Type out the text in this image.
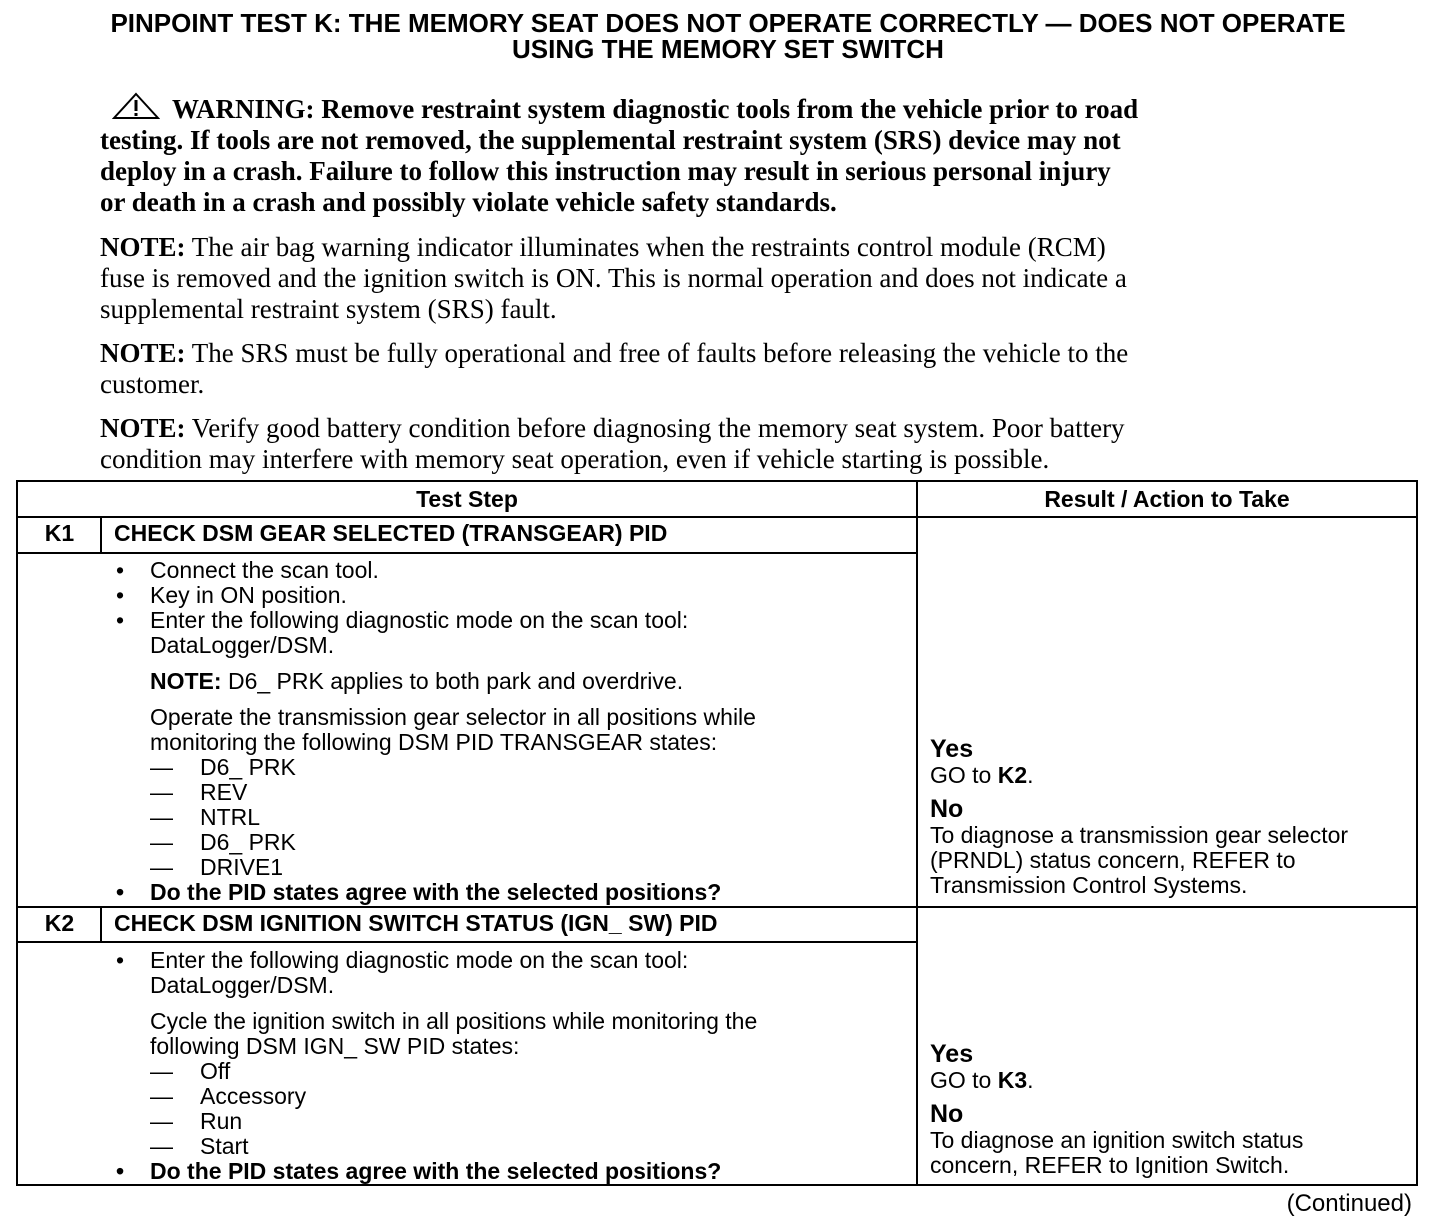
PINPOINT TEST K: THE MEMORY SEAT DOES NOT OPERATE CORRECTLY — DOES NOT OPERATE
USING THE MEMORY SET SWITCH
WARNING: Remove restraint system diagnostic tools from the vehicle prior to road
testing. If tools are not removed, the supplemental restraint system (SRS) device may not
deploy in a crash. Failure to follow this instruction may result in serious personal injury
or death in a crash and possibly violate vehicle safety standards.
NOTE: The air bag warning indicator illuminates when the restraints control module (RCM)
fuse is removed and the ignition switch is ON. This is normal operation and does not indicate a
supplemental restraint system (SRS) fault.
NOTE: The SRS must be fully operational and free of faults before releasing the vehicle to the
customer.
NOTE: Verify good battery condition before diagnosing the memory seat system. Poor battery
condition may interfere with memory seat operation, even if vehicle starting is possible.
Test Step	Result / Action to Take
K1	CHECK DSM GEAR SELECTED (TRANSGEAR) PID
• Connect the scan tool.
• Key in ON position.
• Enter the following diagnostic mode on the scan tool:
DataLogger/DSM.
NOTE: D6_ PRK applies to both park and overdrive.
Operate the transmission gear selector in all positions while
monitoring the following DSM PID TRANSGEAR states:
— D6_ PRK
— REV
— NTRL
— D6_ PRK
— DRIVE1
• Do the PID states agree with the selected positions?
Yes
GO to K2.
No
To diagnose a transmission gear selector
(PRNDL) status concern, REFER to
Transmission Control Systems.
K2	CHECK DSM IGNITION SWITCH STATUS (IGN_ SW) PID
• Enter the following diagnostic mode on the scan tool:
DataLogger/DSM.
Cycle the ignition switch in all positions while monitoring the
following DSM IGN_ SW PID states:
— Off
— Accessory
— Run
— Start
• Do the PID states agree with the selected positions?
Yes
GO to K3.
No
To diagnose an ignition switch status
concern, REFER to Ignition Switch.
(Continued)
